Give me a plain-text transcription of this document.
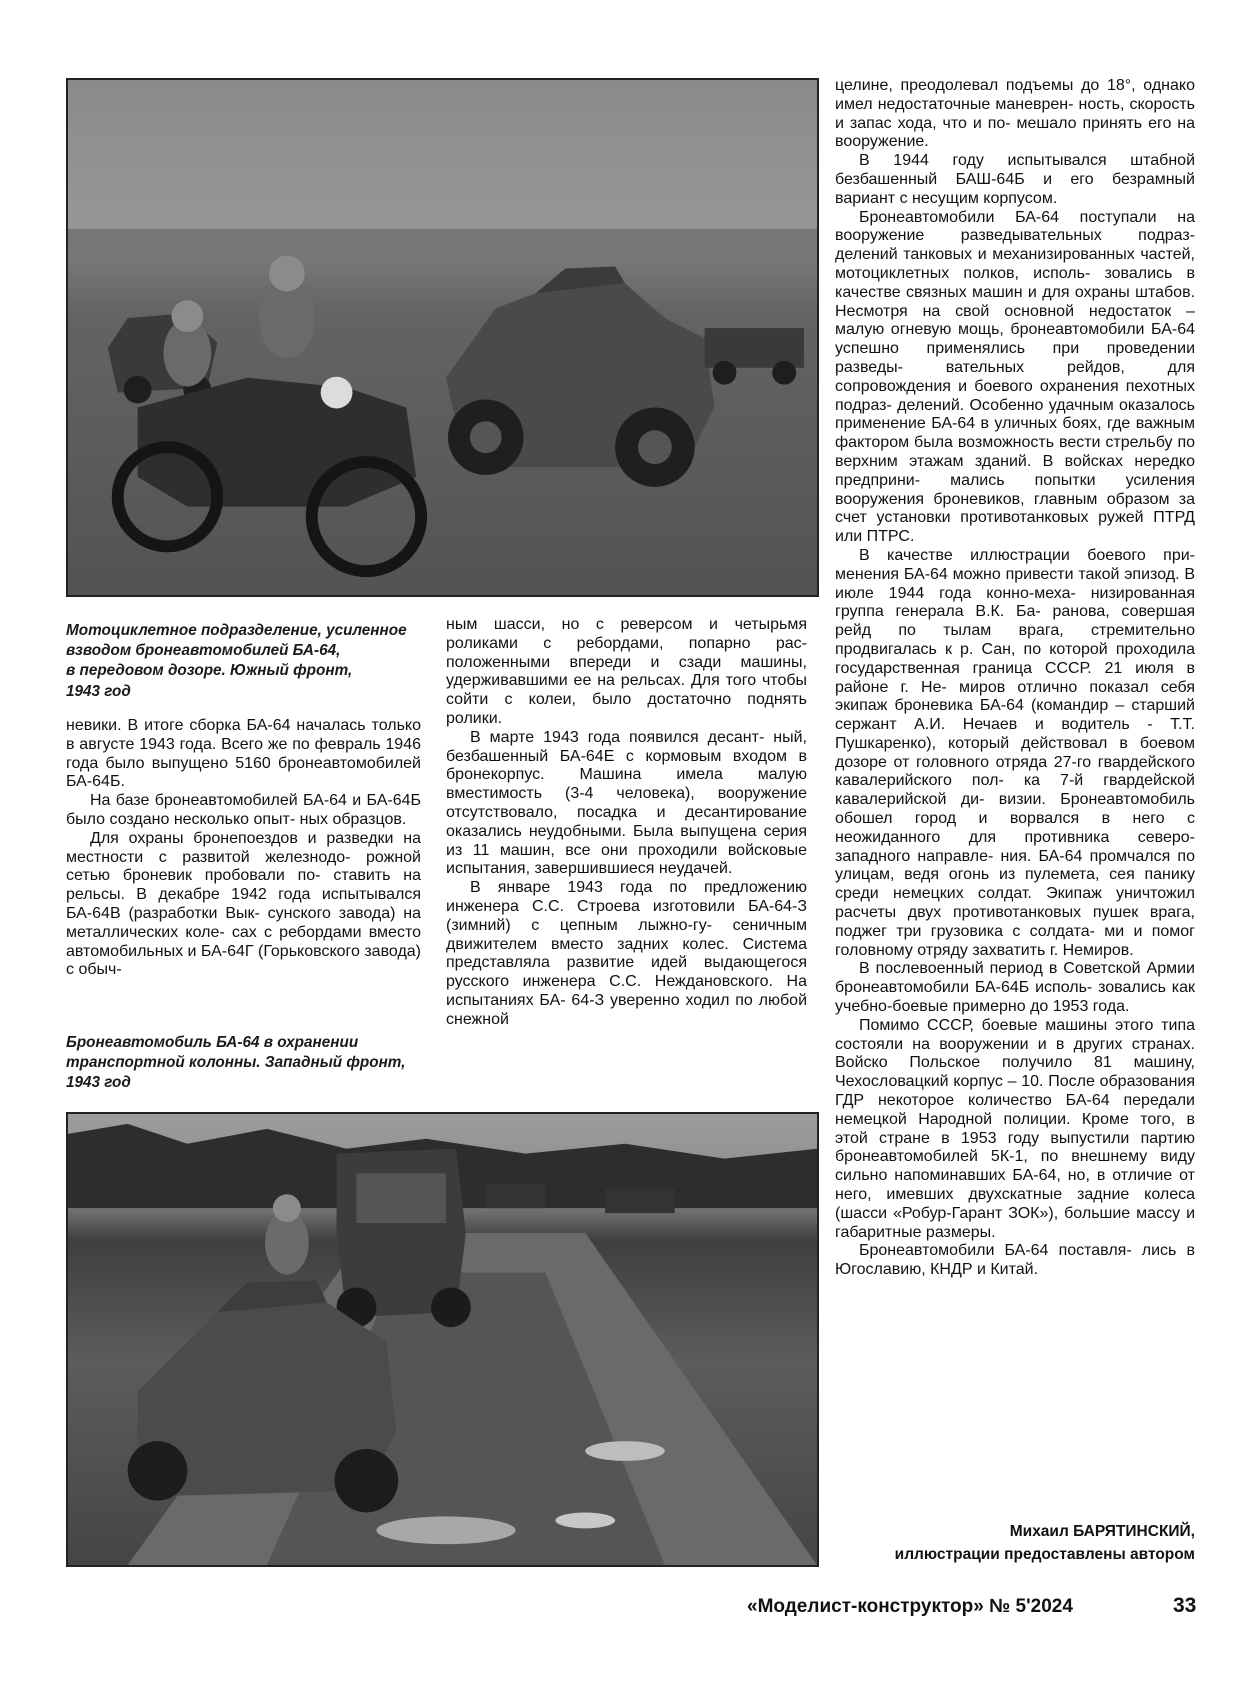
Мотоциклетное подразделение, усиленное
взводом бронеавтомобилей БА-64,
в передовом дозоре. Южный фронт,
1943 год

невики. В итоге сборка БА-64 началась только в августе 1943 года. Всего же по февраль 1946 года было выпущено 5160 бронеавтомобилей БА-64Б.

На базе бронеавтомобилей БА-64 и БА-64Б было создано несколько опыт- ных образцов.

Для охраны бронепоездов и разведки на местности с развитой железнодо- рожной сетью броневик пробовали по- ставить на рельсы. В декабре 1942 года испытывался БА-64В (разработки Вык- сунского завода) на металлических коле- сах с ребордами вместо автомобильных и БА-64Г (Горьковского завода) с обыч-

Бронеавтомобиль БА-64 в охранении
транспортной колонны. Западный фронт,
1943 год

ным шасси, но с реверсом и четырьмя роликами с ребордами, попарно рас- положенными впереди и сзади машины, удерживавшими ее на рельсах. Для того чтобы сойти с колеи, было достаточно поднять ролики.

В марте 1943 года появился десант- ный, безбашенный БА-64Е с кормовым входом в бронекорпус. Машина имела малую вместимость (3-4 человека), вооружение отсутствовало, посадка и десантирование оказались неудобными. Была выпущена серия из 11 машин, все они проходили войсковые испытания, завершившиеся неудачей.

В январе 1943 года по предложению инженера С.С. Строева изготовили БА-64-З (зимний) с цепным лыжно-гу- сеничным движителем вместо задних колес. Система представляла развитие идей выдающегося русского инженера С.С. Неждановского. На испытаниях БА- 64-З уверенно ходил по любой снежной

целине, преодолевал подъемы до 18°, однако имел недостаточные маневрен- ность, скорость и запас хода, что и по- мешало принять его на вооружение.

В 1944 году испытывался штабной безбашенный БАШ-64Б и его безрамный вариант с несущим корпусом.

Бронеавтомобили БА-64 поступали на вооружение разведывательных подраз- делений танковых и механизированных частей, мотоциклетных полков, исполь- зовались в качестве связных машин и для охраны штабов. Несмотря на свой основной недостаток – малую огневую мощь, бронеавтомобили БА-64 успешно применялись при проведении разведы-	вательных рейдов, для сопровождения и боевого охранения пехотных подраз- делений. Особенно удачным оказалось применение БА-64 в уличных боях, где важным фактором была возможность вести стрельбу по верхним этажам зданий. В войсках нередко предприни- мались попытки усиления вооружения броневиков, главным образом за счет установки противотанковых ружей ПТРД или ПТРС.

В качестве иллюстрации боевого при- менения БА-64 можно привести такой эпизод. В июле 1944 года конно-меха- низированная группа генерала В.К. Ба- ранова, совершая рейд по тылам врага, стремительно продвигалась к р. Сан, по которой проходила государственная граница СССР. 21 июля в районе г. Не- миров отлично показал себя экипаж броневика БА-64 (командир – старший сержант А.И. Нечаев и водитель - Т.Т. Пушкаренко), который действовал в боевом дозоре от головного отряда 27-го гвардейского кавалерийского пол- ка 7-й гвардейской кавалерийской ди- визии. Бронеавтомобиль обошел город и ворвался в него с неожиданного для противника северо-западного направле- ния. БА-64 промчался по улицам, ведя огонь из пулемета, сея панику среди немецких солдат. Экипаж уничтожил расчеты двух противотанковых пушек врага, поджег три грузовика с солдата- ми и помог головному отряду захватить г. Немиров.

В послевоенный период в Советской Армии бронеавтомобили БА-64Б исполь- зовались как учебно-боевые примерно до 1953 года.

Помимо СССР, боевые машины этого типа состояли на вооружении и в других странах. Войско Польское получило 81 машину, Чехословацкий корпус – 10. После образования ГДР некоторое количество БА-64 передали немецкой Народной полиции. Кроме того, в этой стране в 1953 году выпустили партию бронеавтомобилей 5К-1, по внешнему виду сильно напоминавших БА-64, но, в отличие от него, имевших двухскатные задние колеса (шасси «Робур-Гарант ЗОК»), большие массу и габаритные размеры.

Бронеавтомобили БА-64 поставля- лись в Югославию, КНДР и Китай.

Михаил БАРЯТИНСКИЙ,
иллюстрации предоставлены автором
«Моделист-конструктор» № 5'2024	33
